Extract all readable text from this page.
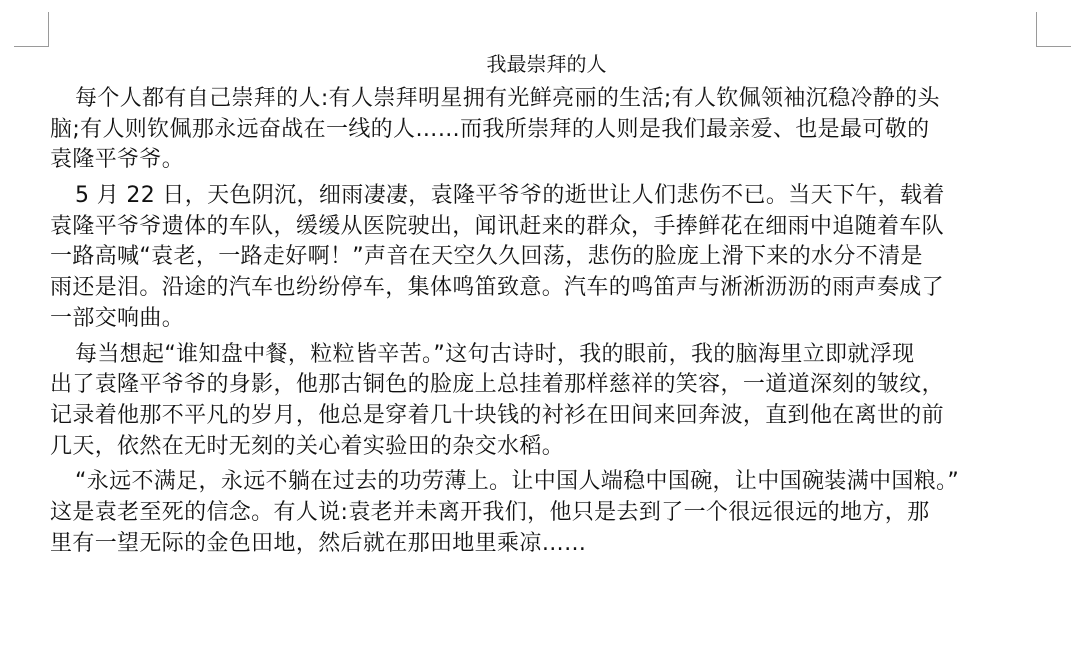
我最崇拜的人
每个人都有自己崇拜的人:有人崇拜明星拥有光鲜亮丽的生活;有人钦佩领袖沉稳冷静的头
脑;有人则钦佩那永远奋战在一线的人……而我所崇拜的人则是我们最亲爱、也是最可敬的
袁隆平爷爷。
5 月 22 日，天色阴沉，细雨凄凄，袁隆平爷爷的逝世让人们悲伤不已。当天下午，载着
袁隆平爷爷遗体的车队，缓缓从医院驶出，闻讯赶来的群众，手捧鲜花在细雨中追随着车队
一路高喊“袁老，一路走好啊！”声音在天空久久回荡，悲伤的脸庞上滑下来的水分不清是
雨还是泪。沿途的汽车也纷纷停车，集体鸣笛致意。汽车的鸣笛声与淅淅沥沥的雨声奏成了
一部交响曲。
每当想起“谁知盘中餐，粒粒皆辛苦。”这句古诗时，我的眼前，我的脑海里立即就浮现
出了袁隆平爷爷的身影，他那古铜色的脸庞上总挂着那样慈祥的笑容，一道道深刻的皱纹，
记录着他那不平凡的岁月，他总是穿着几十块钱的衬衫在田间来回奔波，直到他在离世的前
几天，依然在无时无刻的关心着实验田的杂交水稻。
“永远不满足，永远不躺在过去的功劳薄上。让中国人端稳中国碗，让中国碗装满中国粮。”
这是袁老至死的信念。有人说:袁老并未离开我们，他只是去到了一个很远很远的地方，那
里有一望无际的金色田地，然后就在那田地里乘凉……
